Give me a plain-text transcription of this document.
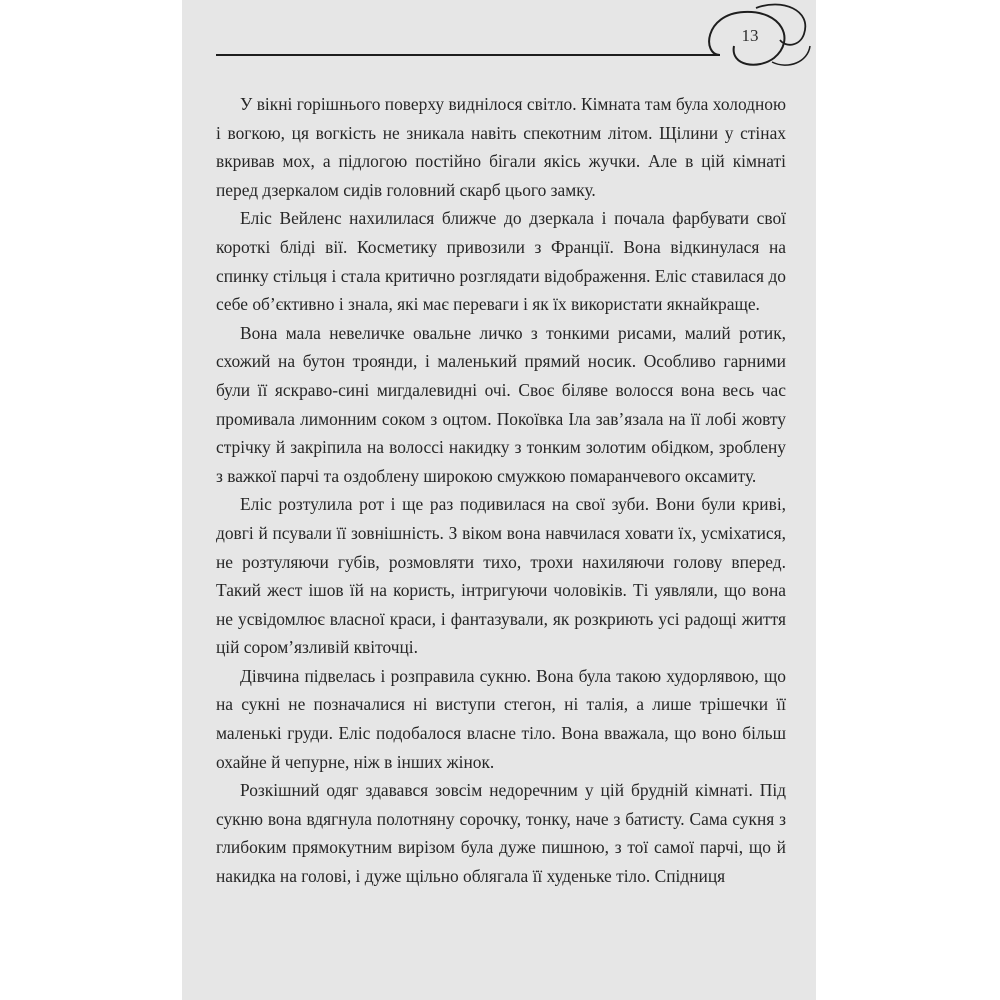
13

У вікні горішнього поверху виднілося світло. Кімната там була холодною і вогкою, ця вогкість не зникала навіть спекотним літом. Щілини у стінах вкривав мох, а підлогою постійно бігали якісь жучки. Але в цій кімнаті перед дзеркалом сидів головний скарб цього замку.

Еліс Вейленс нахилилася ближче до дзеркала і почала фарбувати свої короткі бліді вії. Косметику привозили з Франції. Вона відкинулася на спинку стільця і стала критично розглядати відображення. Еліс ставилася до себе об’єктивно і знала, які має переваги і як їх використати якнайкраще.

Вона мала невеличке овальне личко з тонкими рисами, малий ротик, схожий на бутон троянди, і маленький прямий носик. Особливо гарними були її яскраво-сині мигдалевидні очі. Своє біляве волосся вона весь час промивала лимонним соком з оцтом. Покоївка Іла зав’язала на її лобі жовту стрічку й закріпила на волоссі накидку з тонким золотим обідком, зроблену з важкої парчі та оздоблену широкою смужкою помаранчевого оксамиту.

Еліс розтулила рот і ще раз подивилася на свої зуби. Вони були криві, довгі й псували її зовнішність. З віком вона навчилася ховати їх, усміхатися, не розтуляючи губів, розмовляти тихо, трохи нахиляючи голову вперед. Такий жест ішов їй на користь, інтригуючи чоловіків. Ті уявляли, що вона не усвідомлює власної краси, і фантазували, як розкриють усі радощі життя цій сором’язливій квіточці.

Дівчина підвелась і розправила сукню. Вона була такою худорлявою, що на сукні не позначалися ні виступи стегон, ні талія, а лише трішечки її маленькі груди. Еліс подобалося власне тіло. Вона вважала, що воно більш охайне й чепурне, ніж в інших жінок.

Розкішний одяг здавався зовсім недоречним у цій брудній кімнаті. Під сукню вона вдягнула полотняну сорочку, тонку, наче з батисту. Сама сукня з глибоким прямокутним вирізом була дуже пишною, з тої самої парчі, що й накидка на голові, і дуже щільно облягала її худеньке тіло. Спідниця
